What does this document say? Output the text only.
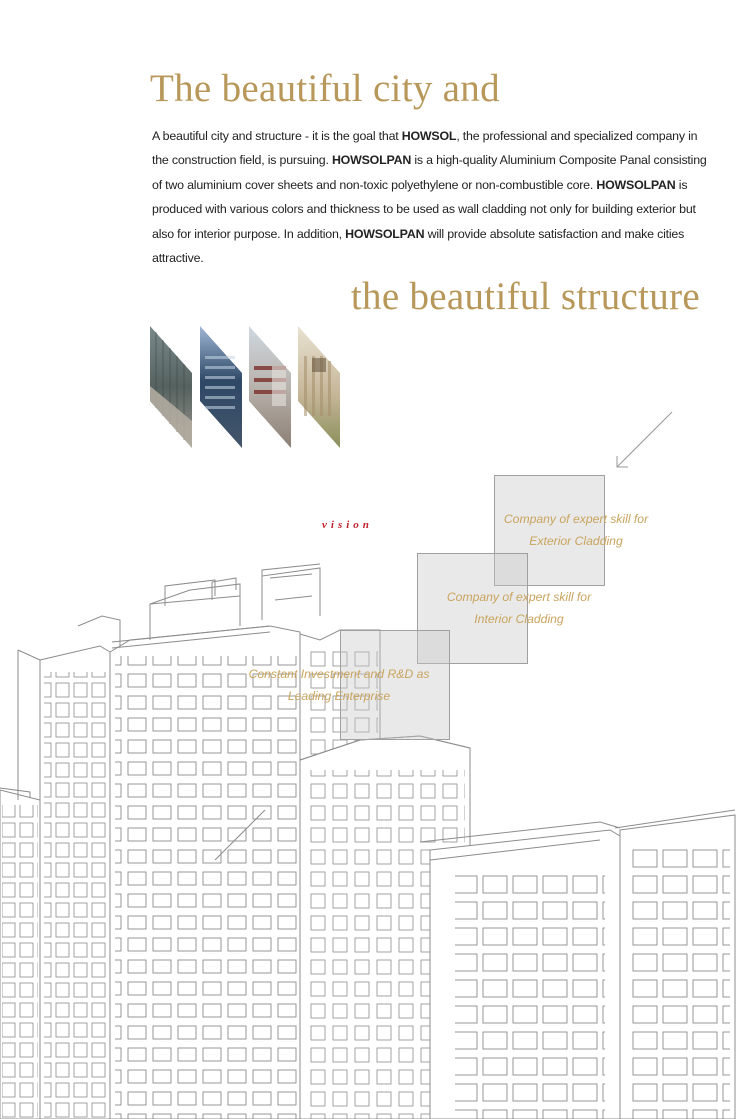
The beautiful city and

A beautiful city and structure - it is the goal that HOWSOL, the professional and specialized company in the construction field, is pursuing. HOWSOLPAN is a high-quality Aluminium Composite Panal consisting of two aluminium cover sheets and non-toxic polyethylene or non-combustible core. HOWSOLPAN is produced with various colors and thickness to be used as wall cladding not only for building exterior but also for interior purpose. In addition, HOWSOLPAN will provide absolute satisfaction and make cities attractive.

the beautiful structure
vision	Company of expert skill for
Exterior Cladding
Company of expert skill for
Interior Cladding
Constant Investment and R&D as
Leading Enterprise
